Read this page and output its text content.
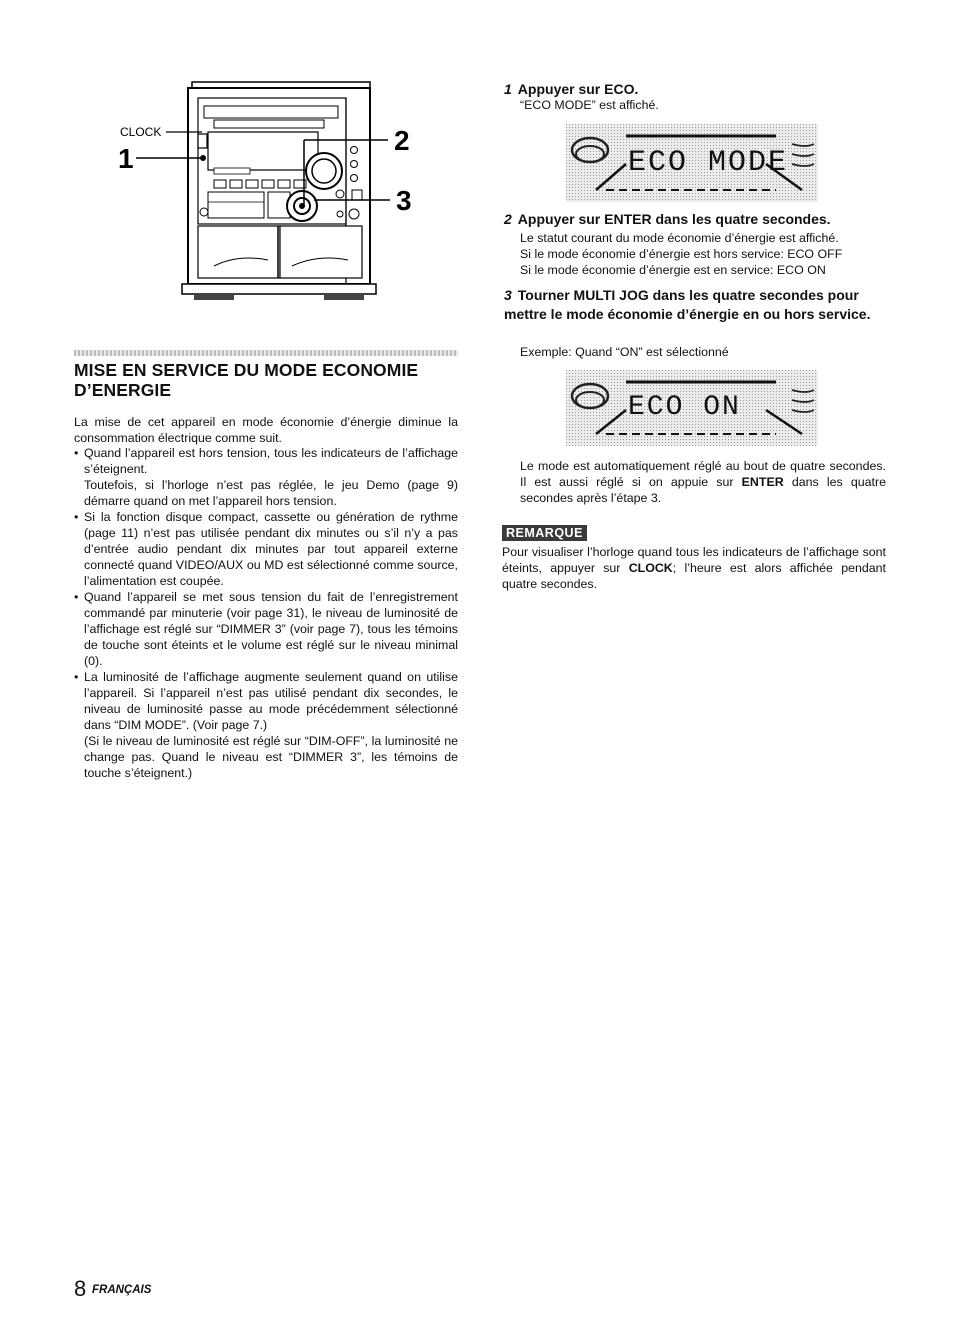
CLOCK
1
2
3
MISE EN SERVICE DU MODE ECONOMIE D’ENERGIE
La mise de cet appareil en mode économie d’énergie diminue la consommation électrique comme suit.
• Quand l’appareil est hors tension, tous les indicateurs de l’affichage s’éteignent.

Toutefois, si l’horloge n’est pas réglée, le jeu Demo (page 9) démarre quand on met l’appareil hors tension.

• Si la fonction disque compact, cassette ou génération de rythme (page 11) n’est pas utilisée pendant dix minutes ou s’il n’y a pas d’entrée audio pendant dix minutes par tout appareil externe connecté quand VIDEO/AUX ou MD est sélectionné comme source, l’alimentation est coupée.

• Quand l’appareil se met sous tension du fait de l’enregistrement commandé par minuterie (voir page 31), le niveau de luminosité de l’affichage est réglé sur “DIMMER 3” (voir page 7), tous les témoins de touche sont éteints et le volume est réglé sur le niveau minimal (0).

• La luminosité de l’affichage augmente seulement quand on utilise l’appareil. Si l’appareil n’est pas utilisé pendant dix secondes, le niveau de luminosité passe au mode précédemment sélectionné dans “DIM MODE”. (Voir page 7.)

(Si le niveau de luminosité est réglé sur “DIM-OFF”, la luminosité ne change pas. Quand le niveau est “DIMMER 3”, les témoins de touche s’éteignent.)

1 Appuyer sur ECO.
“ECO MODE” est affiché.
ECO MODE
2 Appuyer sur ENTER dans les quatre secondes.
Le statut courant du mode économie d’énergie est affiché.
Si le mode économie d’énergie est hors service: ECO OFF
Si le mode économie d’énergie est en service: ECO ON
3 Tourner MULTI JOG dans les quatre secondes pour mettre le mode économie d’énergie en ou hors service.
Exemple: Quand “ON” est sélectionné
ECO ON
Le mode est automatiquement réglé au bout de quatre secondes. Il est aussi réglé si on appuie sur ENTER dans les quatre secondes après l’étape 3.
REMARQUE
Pour visualiser l’horloge quand tous les indicateurs de l’affichage sont éteints, appuyer sur CLOCK; l’heure est alors affichée pendant quatre secondes.
8 FRANÇAIS
